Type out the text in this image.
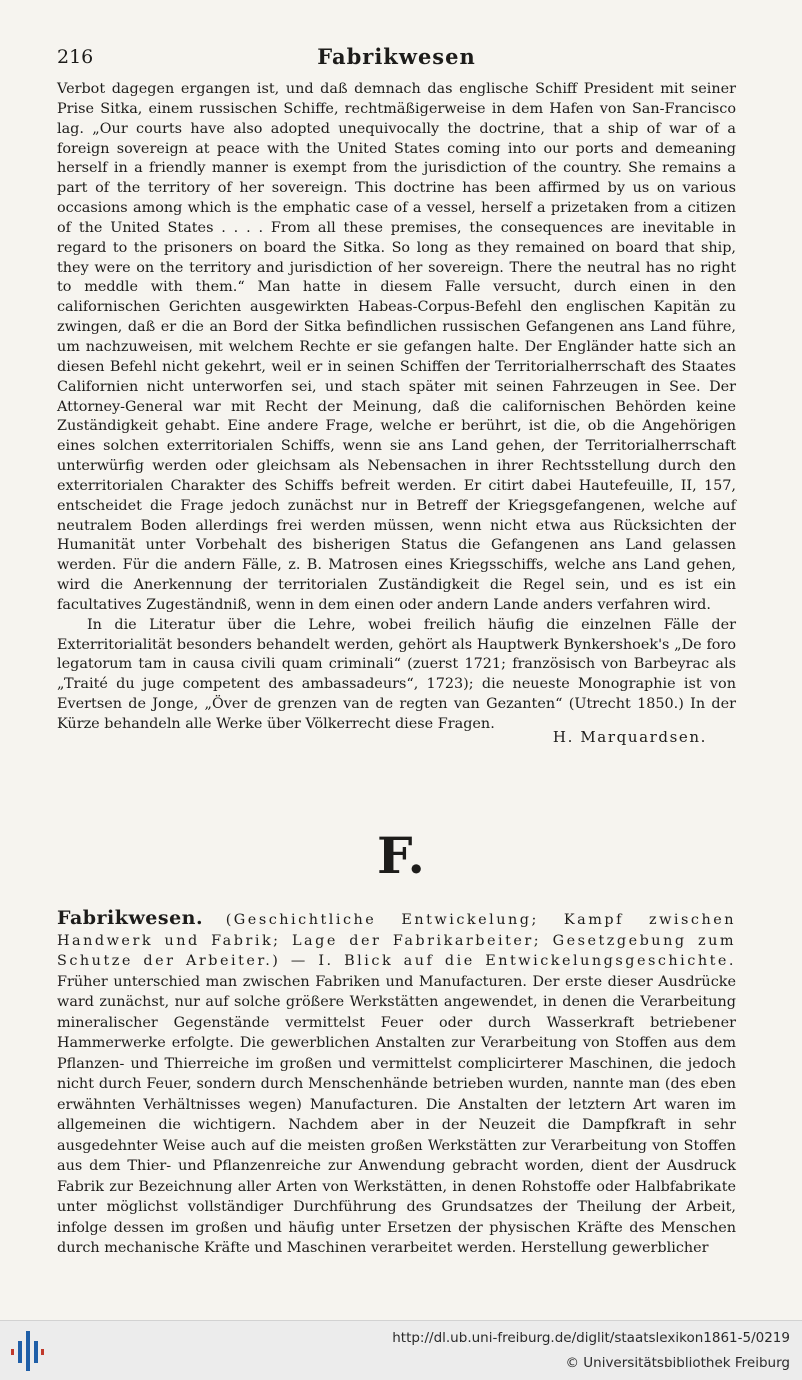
216	Fabrikwesen

Verbot dagegen ergangen ist, und daß demnach das englische Schiff President mit seiner Prise Sitka, einem russischen Schiffe, rechtmäßigerweise in dem Hafen von San-Francisco lag. „Our courts have also adopted unequivocally the doctrine, that a ship of war of a foreign sovereign at peace with the United States coming into our ports and demeaning herself in a friendly manner is exempt from the jurisdiction of the country. She remains a part of the territory of her sovereign. This doctrine has been affirmed by us on various occasions among which is the emphatic case of a vessel, herself a prizetaken from a citizen of the United States . . . . From all these premises, the consequences are inevitable in regard to the prisoners on board the Sitka. So long as they remained on board that ship, they were on the territory and jurisdiction of her sovereign. There the neutral has no right to meddle with them.“ Man hatte in diesem Falle versucht, durch einen in den californischen Gerichten ausgewirkten Habeas-Corpus-Befehl den englischen Kapitän zu zwingen, daß er die an Bord der Sitka befindlichen russischen Gefangenen ans Land führe, um nachzuweisen, mit welchem Rechte er sie gefangen halte. Der Engländer hatte sich an diesen Befehl nicht gekehrt, weil er in seinen Schiffen der Territorialherrschaft des Staates Californien nicht unterworfen sei, und stach später mit seinen Fahrzeugen in See. Der Attorney-General war mit Recht der Meinung, daß die californischen Behörden keine Zuständigkeit gehabt. Eine andere Frage, welche er berührt, ist die, ob die Angehörigen eines solchen exterritorialen Schiffs, wenn sie ans Land gehen, der Territorialherrschaft unterwürfig werden oder gleichsam als Nebensachen in ihrer Rechtsstellung durch den exterritorialen Charakter des Schiffs befreit werden. Er citirt dabei Hautefeuille, II, 157, entscheidet die Frage jedoch zunächst nur in Betreff der Kriegsgefangenen, welche auf neutralem Boden allerdings frei werden müssen, wenn nicht etwa aus Rücksichten der Humanität unter Vorbehalt des bisherigen Status die Gefangenen ans Land gelassen werden. Für die andern Fälle, z. B. Matrosen eines Kriegsschiffs, welche ans Land gehen, wird die Anerkennung der territorialen Zuständigkeit die Regel sein, und es ist ein facultatives Zugeständniß, wenn in dem einen oder andern Lande anders verfahren wird.

In die Literatur über die Lehre, wobei freilich häufig die einzelnen Fälle der Exterritorialität besonders behandelt werden, gehört als Hauptwerk Bynkershoek's „De foro legatorum tam in causa civili quam criminali“ (zuerst 1721; französisch von Barbeyrac als „Traité du juge competent des ambassadeurs“, 1723); die neueste Monographie ist von Evertsen de Jonge, „Över de grenzen van de regten van Gezanten“ (Utrecht 1850.) In der Kürze behandeln alle Werke über Völkerrecht diese Fragen.

H. Marquardsen.
F.
Fabrikwesen. (Geschichtliche Entwickelung; Kampf zwischen Handwerk und Fabrik; Lage der Fabrikarbeiter; Gesetzgebung zum Schutze der Arbeiter.) — I. Blick auf die Entwickelungsgeschichte. Früher unterschied man zwischen Fabriken und Manufacturen. Der erste dieser Ausdrücke ward zunächst, nur auf solche größere Werkstätten angewendet, in denen die Verarbeitung mineralischer Gegenstände vermittelst Feuer oder durch Wasserkraft betriebener Hammerwerke erfolgte. Die gewerblichen Anstalten zur Verarbeitung von Stoffen aus dem Pflanzen- und Thierreiche im großen und vermittelst complicirterer Maschinen, die jedoch nicht durch Feuer, sondern durch Menschenhände betrieben wurden, nannte man (des eben erwähnten Verhältnisses wegen) Manufacturen. Die Anstalten der letztern Art waren im allgemeinen die wichtigern. Nachdem aber in der Neuzeit die Dampfkraft in sehr ausgedehnter Weise auch auf die meisten großen Werkstätten zur Verarbeitung von Stoffen aus dem Thier- und Pflanzenreiche zur Anwendung gebracht worden, dient der Ausdruck Fabrik zur Bezeichnung aller Arten von Werkstätten, in denen Rohstoffe oder Halbfabrikate unter möglichst vollständiger Durchführung des Grundsatzes der Theilung der Arbeit, infolge dessen im großen und häufig unter Ersetzen der physischen Kräfte des Menschen durch mechanische Kräfte und Maschinen verarbeitet werden. Herstellung gewerblicher
http://dl.ub.uni-freiburg.de/diglit/staatslexikon1861-5/0219
© Universitätsbibliothek Freiburg
